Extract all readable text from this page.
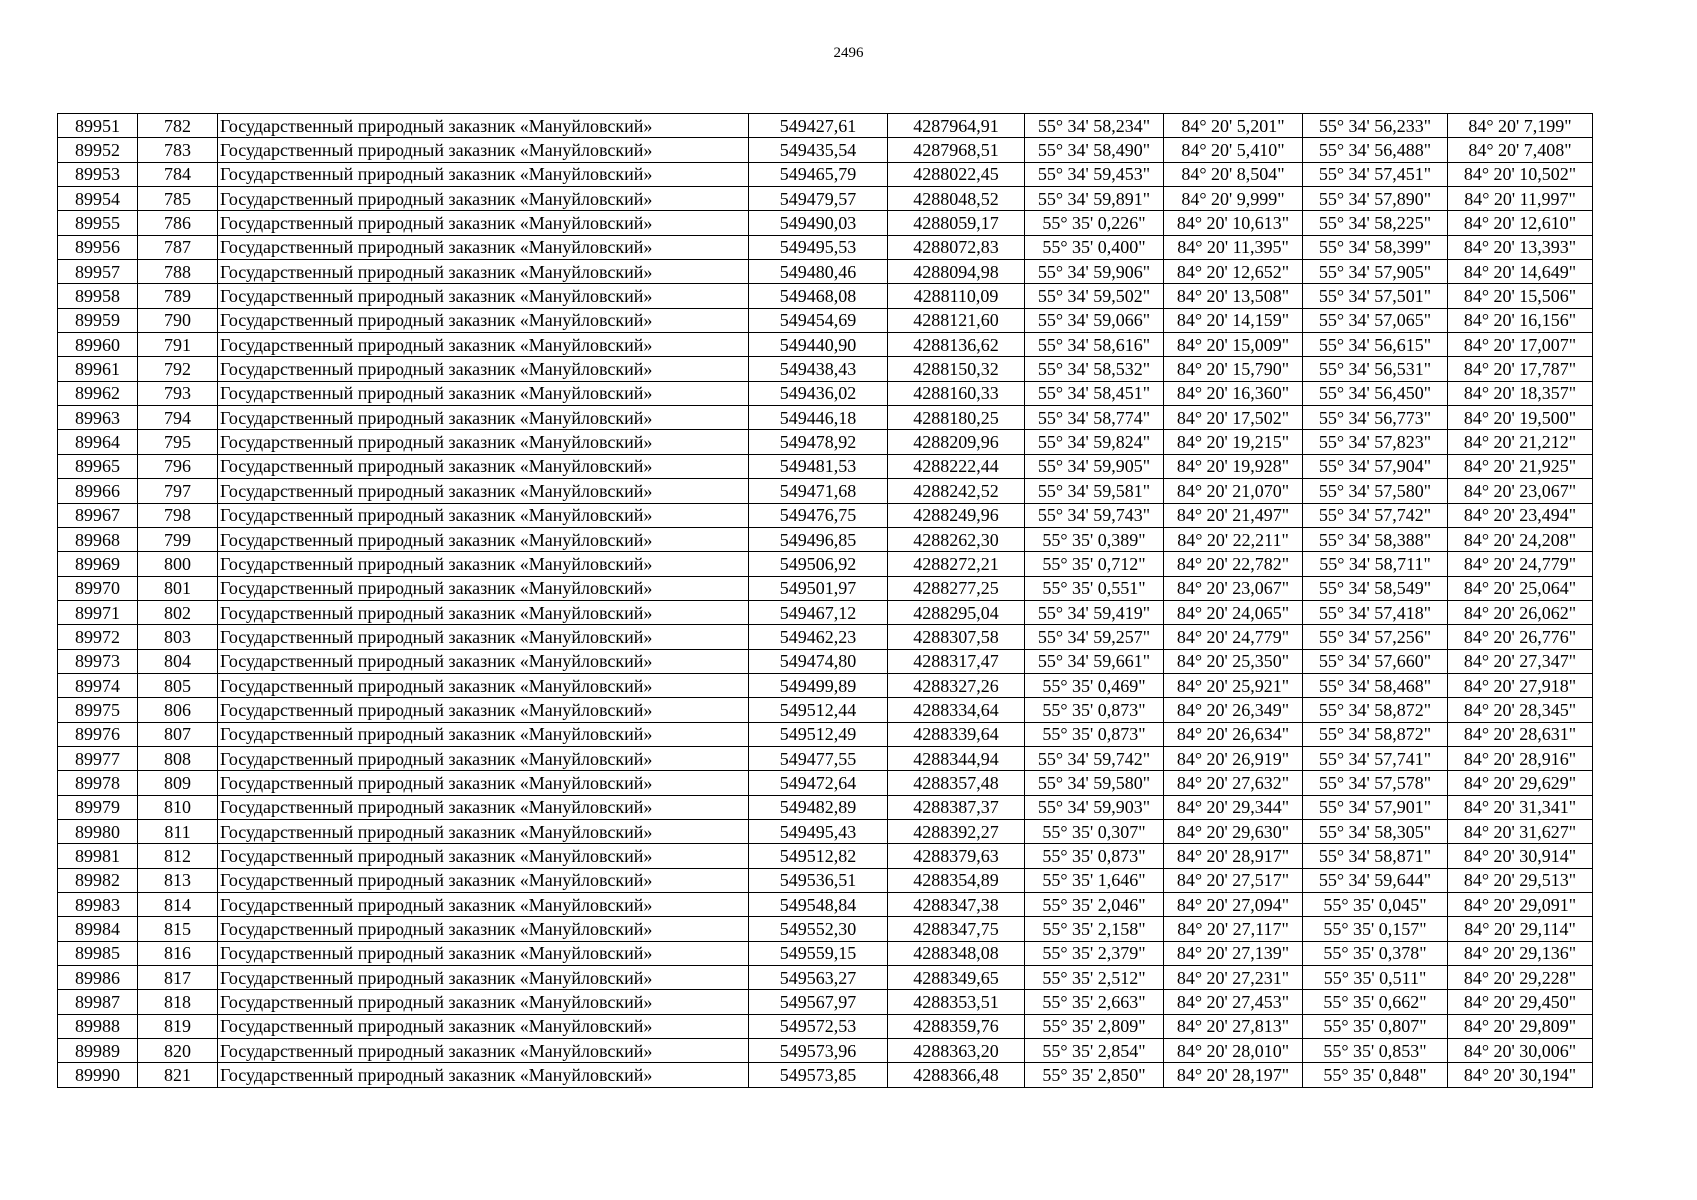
2496
89951	782	Государственный природный заказник «Мануйловский»	549427,61	4287964,91	55° 34' 58,234"	84° 20' 5,201"	55° 34' 56,233"	84° 20' 7,199"
89952	783	Государственный природный заказник «Мануйловский»	549435,54	4287968,51	55° 34' 58,490"	84° 20' 5,410"	55° 34' 56,488"	84° 20' 7,408"
89953	784	Государственный природный заказник «Мануйловский»	549465,79	4288022,45	55° 34' 59,453"	84° 20' 8,504"	55° 34' 57,451"	84° 20' 10,502"
89954	785	Государственный природный заказник «Мануйловский»	549479,57	4288048,52	55° 34' 59,891"	84° 20' 9,999"	55° 34' 57,890"	84° 20' 11,997"
89955	786	Государственный природный заказник «Мануйловский»	549490,03	4288059,17	55° 35' 0,226"	84° 20' 10,613"	55° 34' 58,225"	84° 20' 12,610"
89956	787	Государственный природный заказник «Мануйловский»	549495,53	4288072,83	55° 35' 0,400"	84° 20' 11,395"	55° 34' 58,399"	84° 20' 13,393"
89957	788	Государственный природный заказник «Мануйловский»	549480,46	4288094,98	55° 34' 59,906"	84° 20' 12,652"	55° 34' 57,905"	84° 20' 14,649"
89958	789	Государственный природный заказник «Мануйловский»	549468,08	4288110,09	55° 34' 59,502"	84° 20' 13,508"	55° 34' 57,501"	84° 20' 15,506"
89959	790	Государственный природный заказник «Мануйловский»	549454,69	4288121,60	55° 34' 59,066"	84° 20' 14,159"	55° 34' 57,065"	84° 20' 16,156"
89960	791	Государственный природный заказник «Мануйловский»	549440,90	4288136,62	55° 34' 58,616"	84° 20' 15,009"	55° 34' 56,615"	84° 20' 17,007"
89961	792	Государственный природный заказник «Мануйловский»	549438,43	4288150,32	55° 34' 58,532"	84° 20' 15,790"	55° 34' 56,531"	84° 20' 17,787"
89962	793	Государственный природный заказник «Мануйловский»	549436,02	4288160,33	55° 34' 58,451"	84° 20' 16,360"	55° 34' 56,450"	84° 20' 18,357"
89963	794	Государственный природный заказник «Мануйловский»	549446,18	4288180,25	55° 34' 58,774"	84° 20' 17,502"	55° 34' 56,773"	84° 20' 19,500"
89964	795	Государственный природный заказник «Мануйловский»	549478,92	4288209,96	55° 34' 59,824"	84° 20' 19,215"	55° 34' 57,823"	84° 20' 21,212"
89965	796	Государственный природный заказник «Мануйловский»	549481,53	4288222,44	55° 34' 59,905"	84° 20' 19,928"	55° 34' 57,904"	84° 20' 21,925"
89966	797	Государственный природный заказник «Мануйловский»	549471,68	4288242,52	55° 34' 59,581"	84° 20' 21,070"	55° 34' 57,580"	84° 20' 23,067"
89967	798	Государственный природный заказник «Мануйловский»	549476,75	4288249,96	55° 34' 59,743"	84° 20' 21,497"	55° 34' 57,742"	84° 20' 23,494"
89968	799	Государственный природный заказник «Мануйловский»	549496,85	4288262,30	55° 35' 0,389"	84° 20' 22,211"	55° 34' 58,388"	84° 20' 24,208"
89969	800	Государственный природный заказник «Мануйловский»	549506,92	4288272,21	55° 35' 0,712"	84° 20' 22,782"	55° 34' 58,711"	84° 20' 24,779"
89970	801	Государственный природный заказник «Мануйловский»	549501,97	4288277,25	55° 35' 0,551"	84° 20' 23,067"	55° 34' 58,549"	84° 20' 25,064"
89971	802	Государственный природный заказник «Мануйловский»	549467,12	4288295,04	55° 34' 59,419"	84° 20' 24,065"	55° 34' 57,418"	84° 20' 26,062"
89972	803	Государственный природный заказник «Мануйловский»	549462,23	4288307,58	55° 34' 59,257"	84° 20' 24,779"	55° 34' 57,256"	84° 20' 26,776"
89973	804	Государственный природный заказник «Мануйловский»	549474,80	4288317,47	55° 34' 59,661"	84° 20' 25,350"	55° 34' 57,660"	84° 20' 27,347"
89974	805	Государственный природный заказник «Мануйловский»	549499,89	4288327,26	55° 35' 0,469"	84° 20' 25,921"	55° 34' 58,468"	84° 20' 27,918"
89975	806	Государственный природный заказник «Мануйловский»	549512,44	4288334,64	55° 35' 0,873"	84° 20' 26,349"	55° 34' 58,872"	84° 20' 28,345"
89976	807	Государственный природный заказник «Мануйловский»	549512,49	4288339,64	55° 35' 0,873"	84° 20' 26,634"	55° 34' 58,872"	84° 20' 28,631"
89977	808	Государственный природный заказник «Мануйловский»	549477,55	4288344,94	55° 34' 59,742"	84° 20' 26,919"	55° 34' 57,741"	84° 20' 28,916"
89978	809	Государственный природный заказник «Мануйловский»	549472,64	4288357,48	55° 34' 59,580"	84° 20' 27,632"	55° 34' 57,578"	84° 20' 29,629"
89979	810	Государственный природный заказник «Мануйловский»	549482,89	4288387,37	55° 34' 59,903"	84° 20' 29,344"	55° 34' 57,901"	84° 20' 31,341"
89980	811	Государственный природный заказник «Мануйловский»	549495,43	4288392,27	55° 35' 0,307"	84° 20' 29,630"	55° 34' 58,305"	84° 20' 31,627"
89981	812	Государственный природный заказник «Мануйловский»	549512,82	4288379,63	55° 35' 0,873"	84° 20' 28,917"	55° 34' 58,871"	84° 20' 30,914"
89982	813	Государственный природный заказник «Мануйловский»	549536,51	4288354,89	55° 35' 1,646"	84° 20' 27,517"	55° 34' 59,644"	84° 20' 29,513"
89983	814	Государственный природный заказник «Мануйловский»	549548,84	4288347,38	55° 35' 2,046"	84° 20' 27,094"	55° 35' 0,045"	84° 20' 29,091"
89984	815	Государственный природный заказник «Мануйловский»	549552,30	4288347,75	55° 35' 2,158"	84° 20' 27,117"	55° 35' 0,157"	84° 20' 29,114"
89985	816	Государственный природный заказник «Мануйловский»	549559,15	4288348,08	55° 35' 2,379"	84° 20' 27,139"	55° 35' 0,378"	84° 20' 29,136"
89986	817	Государственный природный заказник «Мануйловский»	549563,27	4288349,65	55° 35' 2,512"	84° 20' 27,231"	55° 35' 0,511"	84° 20' 29,228"
89987	818	Государственный природный заказник «Мануйловский»	549567,97	4288353,51	55° 35' 2,663"	84° 20' 27,453"	55° 35' 0,662"	84° 20' 29,450"
89988	819	Государственный природный заказник «Мануйловский»	549572,53	4288359,76	55° 35' 2,809"	84° 20' 27,813"	55° 35' 0,807"	84° 20' 29,809"
89989	820	Государственный природный заказник «Мануйловский»	549573,96	4288363,20	55° 35' 2,854"	84° 20' 28,010"	55° 35' 0,853"	84° 20' 30,006"
89990	821	Государственный природный заказник «Мануйловский»	549573,85	4288366,48	55° 35' 2,850"	84° 20' 28,197"	55° 35' 0,848"	84° 20' 30,194"
